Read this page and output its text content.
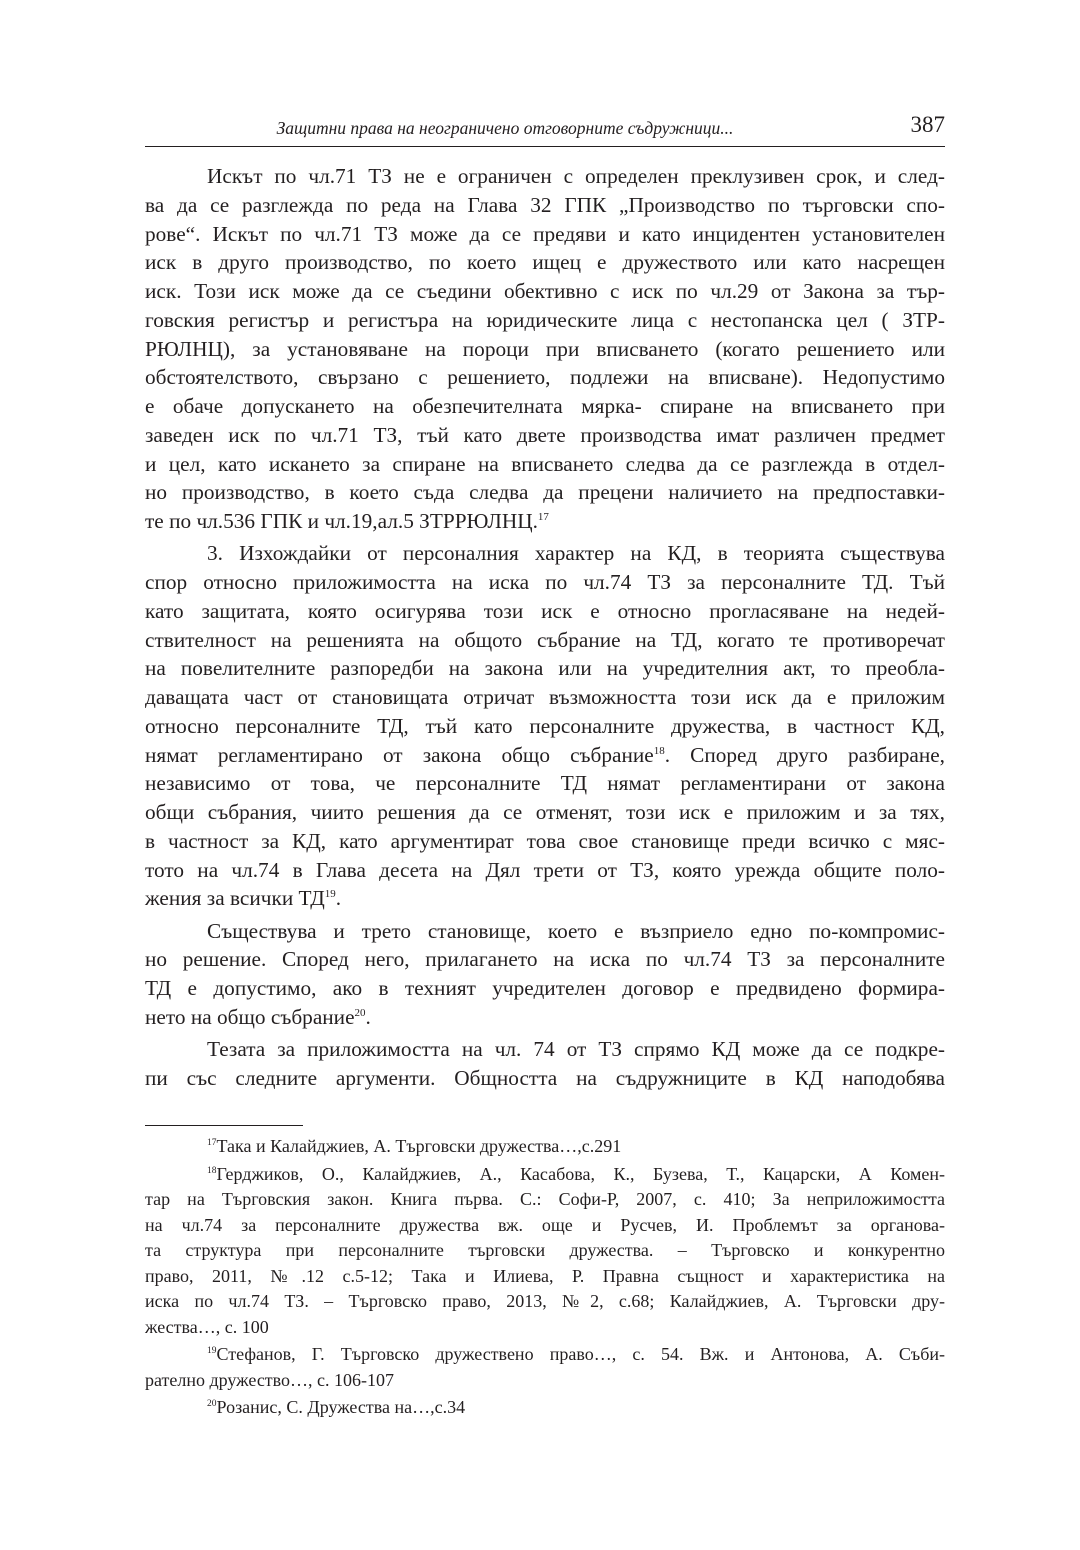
Защитни права на неограничено отговорните съдружници...	387
Искът по чл.71 ТЗ не е ограничен с определен преклузивен срок, и след-
ва да се разглежда по реда на Глава 32 ГПК „Производство по търговски спо-
рове“. Искът по чл.71 ТЗ може да се предяви и като инцидентен установителен
иск в друго производство, по което ищец е дружеството или като насрещен
иск. Този иск може да се съедини обективно с иск по чл.29 от Закона за тър-
говския регистър и регистъра на юридическите лица с нестопанска цел ( ЗТР-
РЮЛНЦ), за установяване на пороци при вписването (когато решението или
обстоятелството, свързано с решението, подлежи на вписване). Недопустимо
е обаче допускането на обезпечителната мярка- спиране на вписването при
заведен иск по чл.71 ТЗ, тъй като двете производства имат различен предмет
и цел, като искането за спиране на вписването следва да се разглежда в отдел-
но производство, в което съда следва да прецени наличието на предпоставки-
те по чл.536 ГПК и чл.19,ал.5 ЗТРРЮЛНЦ.$^{17}$
3. Изхождайки от персоналния характер на КД, в теорията съществува
спор относно приложимостта на иска по чл.74 ТЗ за персоналните ТД. Тъй
като защитата, която осигурява този иск е относно прогласяване на недей-
ствителност на решенията на общото събрание на ТД, когато те противоречат
на повелителните разпоредби на закона или на учредителния акт, то преобла-
даващата част от становищата отричат възможността този иск да е приложим
относно персоналните ТД, тъй като персоналните дружества, в частност КД,
нямат регламентирано от закона общо събрание$^{18}$. Според друго разбиране,
независимо от това, че персоналните ТД нямат регламентирани от закона
общи събрания, чиито решения да се отменят, този иск е приложим и за тях,
в частност за КД, като аргументират това свое становище преди всичко с мяс-
тото на чл.74 в Глава десета на Дял трети от ТЗ, която урежда общите поло-
жения за всички ТД$^{19}$.
Съществува и трето становище, което е възприело едно по-компромис-
но решение. Според него, прилагането на иска по чл.74 ТЗ за персоналните
ТД е допустимо, ако в техният учредителен договор е предвидено формира-
нето на общо събрание$^{20}$.
Тезата за приложимостта на чл. 74 от ТЗ спрямо КД може да се подкре-
пи със следните аргументи. Общността на съдружниците в КД наподобява
$^{17}$Така и Калайджиев, А. Търговски дружества…,с.291
$^{18}$Герджиков, О., Калайджиев, А., Касабова, К., Бузева, Т., Кацарски, А Комен-
тар на Търговския закон. Книга първа. С.: Софи-Р, 2007, с. 410; За неприложимостта
на чл.74 за персоналните дружества вж. още и Русчев, И. Проблемът за органова-
та структура при персоналните търговски дружества. – Търговско и конкурентно
право, 2011, №.12 с.5-12; Така и Илиева, Р. Правна същност и характеристика на
иска по чл.74 ТЗ. – Търговско право, 2013, №2, с.68; Калайджиев, А. Търговски дру-
жества…, с. 100
$^{19}$Стефанов, Г. Търговско дружествено право…, с. 54. Вж. и Антонова, А. Съби-
рателно дружество…, с. 106-107
$^{20}$Розанис, С. Дружества на…,с.34
